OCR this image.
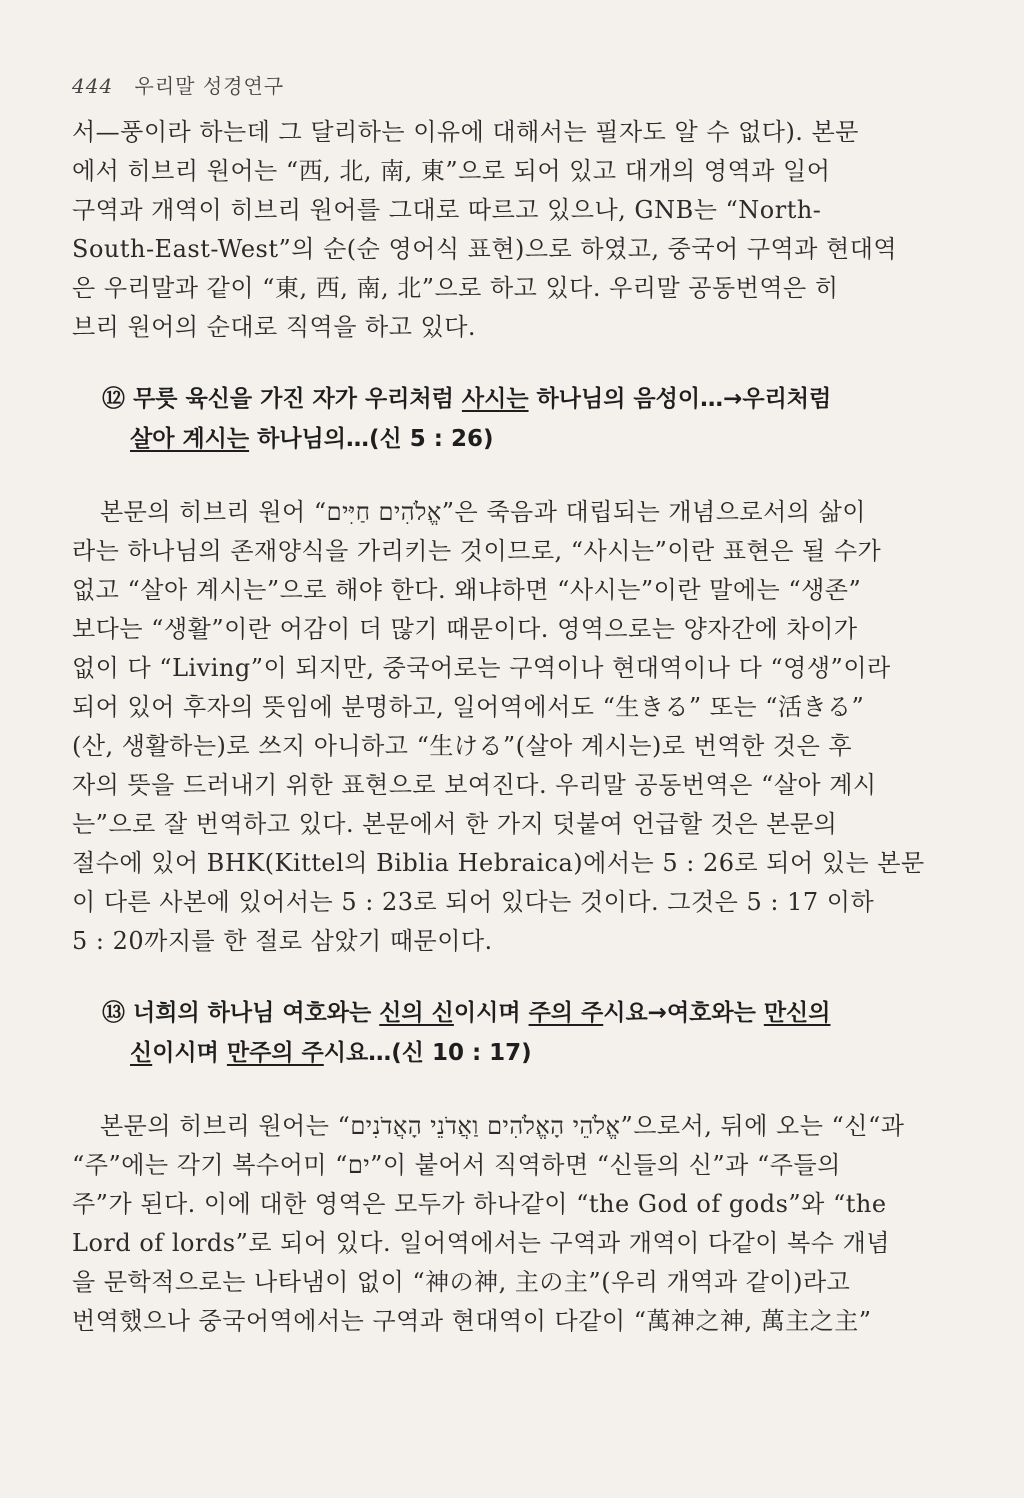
444 우리말 성경연구
서—풍이라 하는데 그 달리하는 이유에 대해서는 필자도 알 수 없다). 본문
에서 히브리 원어는 “西, 北, 南, 東”으로 되어 있고 대개의 영역과 일어
구역과 개역이 히브리 원어를 그대로 따르고 있으나, GNB는 “North-
South-East-West”의 순(순 영어식 표현)으로 하였고, 중국어 구역과 현대역
은 우리말과 같이 “東, 西, 南, 北”으로 하고 있다. 우리말 공동번역은 히
브리 원어의 순대로 직역을 하고 있다.
⑫ 무릇 육신을 가진 자가 우리처럼 사시는 하나님의 음성이…→우리처럼
살아 계시는 하나님의…(신 5 : 26)
본문의 히브리 원어 “אֱלֹהִים חַיִּים”은 죽음과 대립되는 개념으로서의 삶이
라는 하나님의 존재양식을 가리키는 것이므로, “사시는”이란 표현은 될 수가
없고 “살아 계시는”으로 해야 한다. 왜냐하면 “사시는”이란 말에는 “생존”
보다는 “생활”이란 어감이 더 많기 때문이다. 영역으로는 양자간에 차이가
없이 다 “Living”이 되지만, 중국어로는 구역이나 현대역이나 다 “영생”이라
되어 있어 후자의 뜻임에 분명하고, 일어역에서도 “生きる” 또는 “活きる”
(산, 생활하는)로 쓰지 아니하고 “生ける”(살아 계시는)로 번역한 것은 후
자의 뜻을 드러내기 위한 표현으로 보여진다. 우리말 공동번역은 “살아 계시
는”으로 잘 번역하고 있다. 본문에서 한 가지 덧붙여 언급할 것은 본문의
절수에 있어 BHK(Kittel의 Biblia Hebraica)에서는 5 : 26로 되어 있는 본문
이 다른 사본에 있어서는 5 : 23로 되어 있다는 것이다. 그것은 5 : 17 이하
5 : 20까지를 한 절로 삼았기 때문이다.
⑬ 너희의 하나님 여호와는 신의 신이시며 주의 주시요→여호와는 만신의
신이시며 만주의 주시요…(신 10 : 17)
본문의 히브리 원어는 “אֱלֹהֵי הָאֱלֹהִים וַאֲדֹנֵי הָאֲדֹנִים”으로서, 뒤에 오는 “신“과
“주”에는 각기 복수어미 “ים”이 붙어서 직역하면 “신들의 신”과 “주들의
주”가 된다. 이에 대한 영역은 모두가 하나같이 “the God of gods”와 “the
Lord of lords”로 되어 있다. 일어역에서는 구역과 개역이 다같이 복수 개념
을 문학적으로는 나타냄이 없이 “神の神, 主の主”(우리 개역과 같이)라고
번역했으나 중국어역에서는 구역과 현대역이 다같이 “萬神之神, 萬主之主”
